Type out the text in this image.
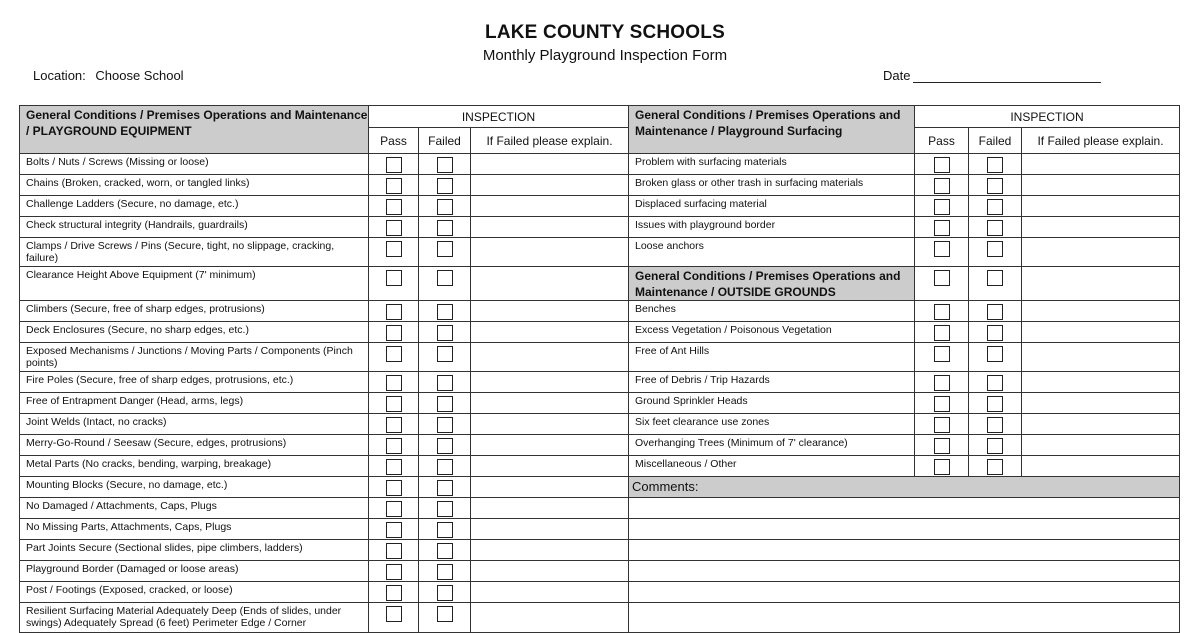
LAKE COUNTY SCHOOLS
Monthly Playground Inspection Form
Location: Choose School	Date
General Conditions / Premises Operations and Maintenance / PLAYGROUND EQUIPMENT	INSPECTION			General Conditions / Premises Operations and Maintenance / Playground Surfacing	INSPECTION		
	Pass	Failed	If Failed please explain.		Pass	Failed	If Failed please explain.
Bolts / Nuts / Screws (Missing or loose)				Problem with surfacing materials	

Chains (Broken, cracked, worn, or tangled links)				Broken glass or other trash in surfacing materials	

Challenge Ladders (Secure, no damage, etc.)				Displaced surfacing material	

Check structural integrity (Handrails, guardrails)				Issues with playground border	

Clamps / Drive Screws / Pins (Secure, tight, no slippage, cracking, failure)				Loose anchors	

Clearance Height Above Equipment (7' minimum)				General Conditions / Premises Operations and Maintenance / OUTSIDE GROUNDS	

Climbers (Secure, free of sharp edges, protrusions)				Benches	

Deck Enclosures (Secure, no sharp edges, etc.)				Excess Vegetation / Poisonous Vegetation	

Exposed Mechanisms / Junctions / Moving Parts / Components (Pinch points)				Free of Ant Hills	

Fire Poles (Secure, free of sharp edges, protrusions, etc.)				Free of Debris / Trip Hazards	

Free of Entrapment Danger (Head, arms, legs)				Ground Sprinkler Heads	

Joint Welds (Intact, no cracks)				Six feet clearance use zones	

Merry-Go-Round / Seesaw (Secure, edges, protrusions)				Overhanging Trees (Minimum of 7' clearance)	

Metal Parts (No cracks, bending, warping, breakage)				Miscellaneous / Other	

Mounting Blocks (Secure, no damage, etc.)				Comments:			
No Damaged / Attachments, Caps, Plugs				

No Missing Parts, Attachments, Caps, Plugs				

Part Joints Secure (Sectional slides, pipe climbers, ladders)				

Playground Border (Damaged or loose areas)				

Post / Footings (Exposed, cracked, or loose)				

Resilient Surfacing Material Adequately Deep (Ends of slides, under swings) Adequately Spread (6 feet) Perimeter Edge / Corner				
